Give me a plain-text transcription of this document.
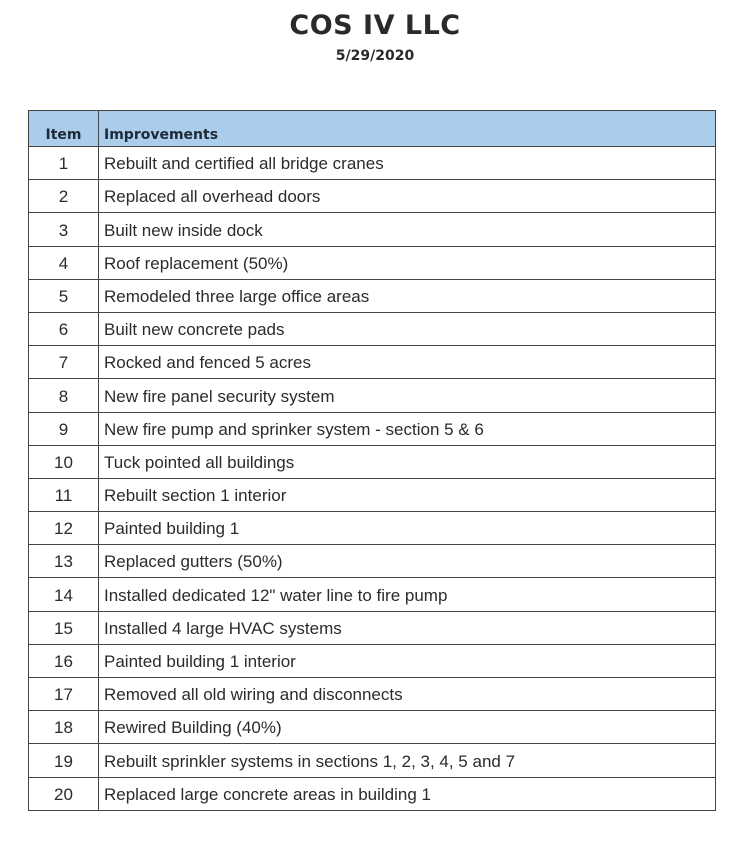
COS IV LLC
5/29/2020
Item	Improvements
1	Rebuilt and certified all bridge cranes
2	Replaced all overhead doors
3	Built new inside dock
4	Roof replacement (50%)
5	Remodeled three large office areas
6	Built new concrete pads
7	Rocked and fenced 5 acres
8	New fire panel security system
9	New fire pump and sprinker system - section 5 & 6
10	Tuck pointed all buildings
11	Rebuilt section 1 interior
12	Painted building 1
13	Replaced gutters (50%)
14	Installed dedicated 12" water line to fire pump
15	Installed 4 large HVAC systems
16	Painted building 1 interior
17	Removed all old wiring and disconnects
18	Rewired Building (40%)
19	Rebuilt sprinkler systems in sections 1, 2, 3, 4, 5 and 7
20	Replaced large concrete areas in building 1
